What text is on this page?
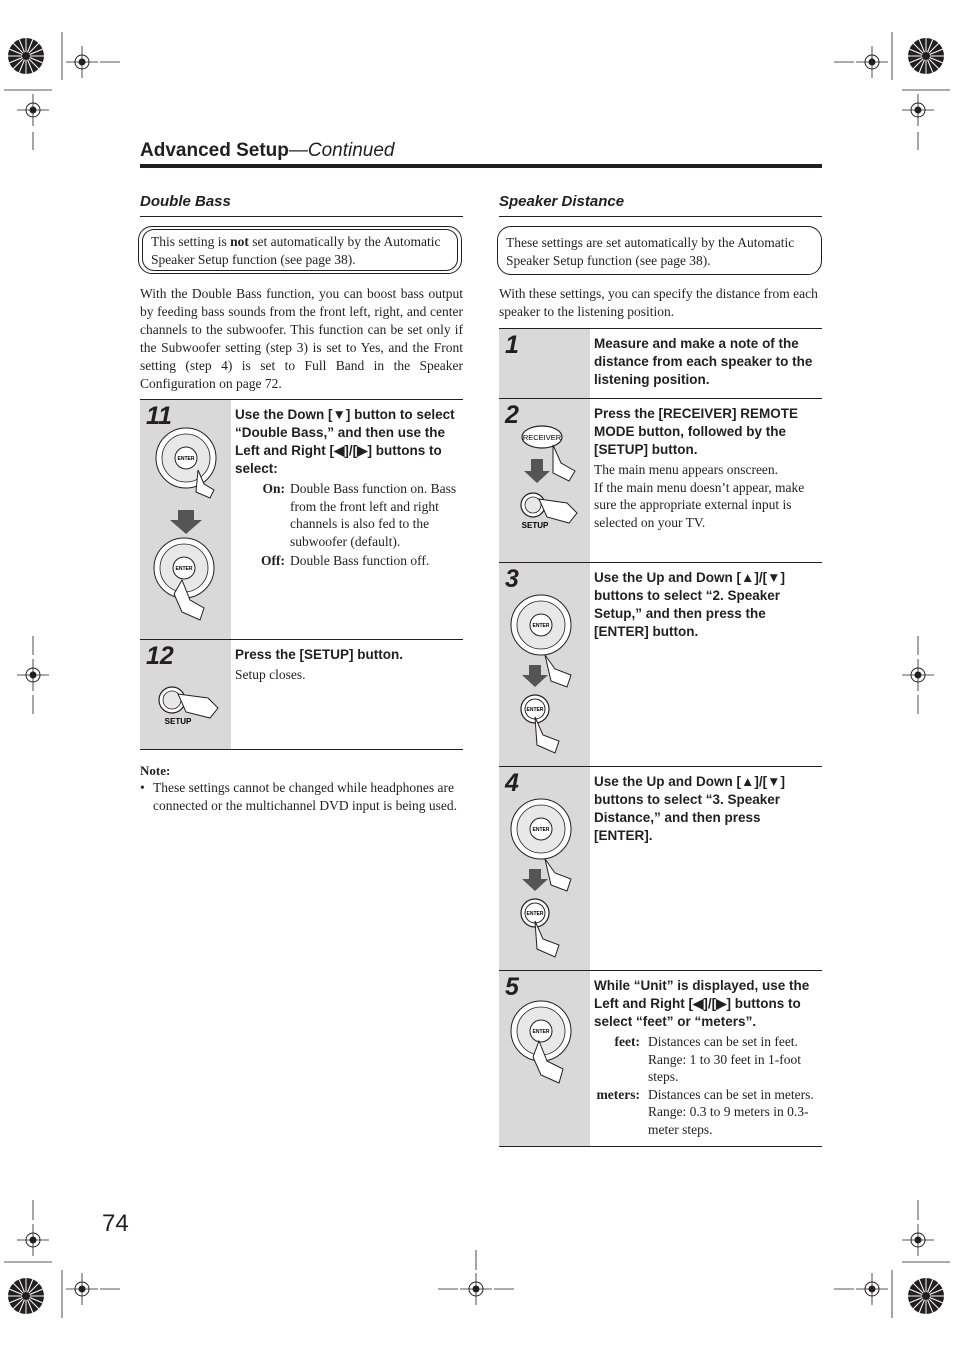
Advanced Setup—Continued
Double Bass
This setting is not set automatically by the Automatic Speaker Setup function (see page 38).
With the Double Bass function, you can boost bass output by feeding bass sounds from the front left, right, and center channels to the subwoofer. This function can be set only if the Subwoofer setting (step 3) is set to Yes, and the Front setting (step 4) is set to Full Band in the Speaker Configuration on page 72.
11
ENTER
ENTER
Use the Down [▼] button to select “Double Bass,” and then use the Left and Right [◀]/[▶] buttons to select:
On: Double Bass function on. Bass from the front left and right channels is also fed to the subwoofer (default).
Off: Double Bass function off.
12
SETUP
Press the [SETUP] button.
Setup closes.
Note:
• These settings cannot be changed while headphones are connected or the multichannel DVD input is being used.
Speaker Distance
These settings are set automatically by the Automatic Speaker Setup function (see page 38).
With these settings, you can specify the distance from each speaker to the listening position.
1	Measure and make a note of the distance from each speaker to the listening position.
2
RECEIVER
SETUP
Press the [RECEIVER] REMOTE MODE button, followed by the [SETUP] button.
The main menu appears onscreen.
If the main menu doesn’t appear, make sure the appropriate external input is selected on your TV.
3
ENTER
ENTER
Use the Up and Down [▲]/[▼] buttons to select “2. Speaker Setup,” and then press the [ENTER] button.
4
ENTER
ENTER
Use the Up and Down [▲]/[▼] buttons to select “3. Speaker Distance,” and then press [ENTER].
5
ENTER
While “Unit” is displayed, use the Left and Right [◀]/[▶] buttons to select “feet” or “meters”.
feet: Distances can be set in feet. Range: 1 to 30 feet in 1-foot steps.
meters: Distances can be set in meters. Range: 0.3 to 9 meters in 0.3-meter steps.
74
